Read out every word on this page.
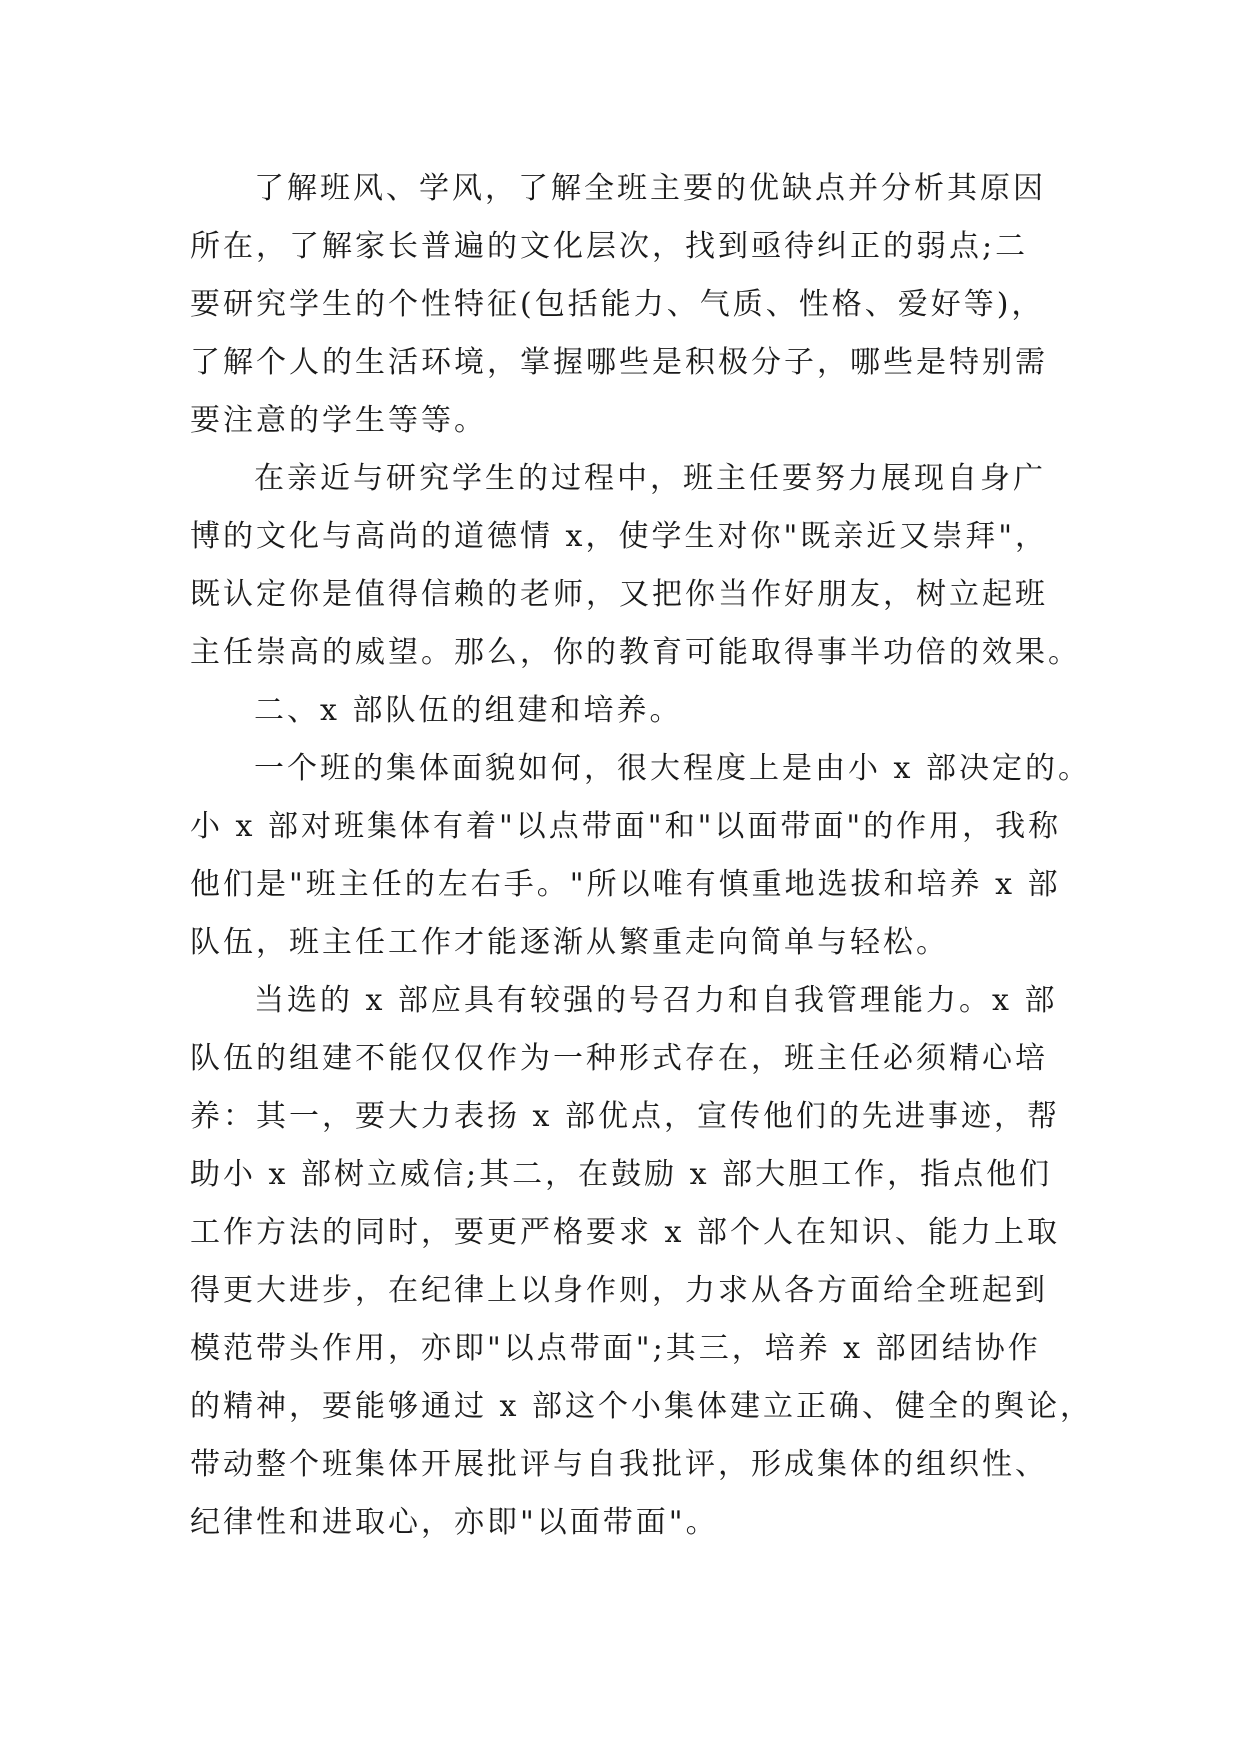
了解班风、学风，了解全班主要的优缺点并分析其原因
所在，了解家长普遍的文化层次，找到亟待纠正的弱点;二
要研究学生的个性特征(包括能力、气质、性格、爱好等)，
了解个人的生活环境，掌握哪些是积极分子，哪些是特别需
要注意的学生等等。
在亲近与研究学生的过程中，班主任要努力展现自身广
博的文化与高尚的道德情 x，使学生对你"既亲近又崇拜"，
既认定你是值得信赖的老师，又把你当作好朋友，树立起班
主任崇高的威望。那么，你的教育可能取得事半功倍的效果。
二、x 部队伍的组建和培养。
一个班的集体面貌如何，很大程度上是由小 x 部决定的。
小 x 部对班集体有着"以点带面"和"以面带面"的作用，我称
他们是"班主任的左右手。"所以唯有慎重地选拔和培养 x 部
队伍，班主任工作才能逐渐从繁重走向简单与轻松。
当选的 x 部应具有较强的号召力和自我管理能力。x 部
队伍的组建不能仅仅作为一种形式存在，班主任必须精心培
养：其一，要大力表扬 x 部优点，宣传他们的先进事迹，帮
助小 x 部树立威信;其二，在鼓励 x 部大胆工作，指点他们
工作方法的同时，要更严格要求 x 部个人在知识、能力上取
得更大进步，在纪律上以身作则，力求从各方面给全班起到
模范带头作用，亦即"以点带面";其三，培养 x 部团结协作
的精神，要能够通过 x 部这个小集体建立正确、健全的舆论，
带动整个班集体开展批评与自我批评，形成集体的组织性、
纪律性和进取心，亦即"以面带面"。
